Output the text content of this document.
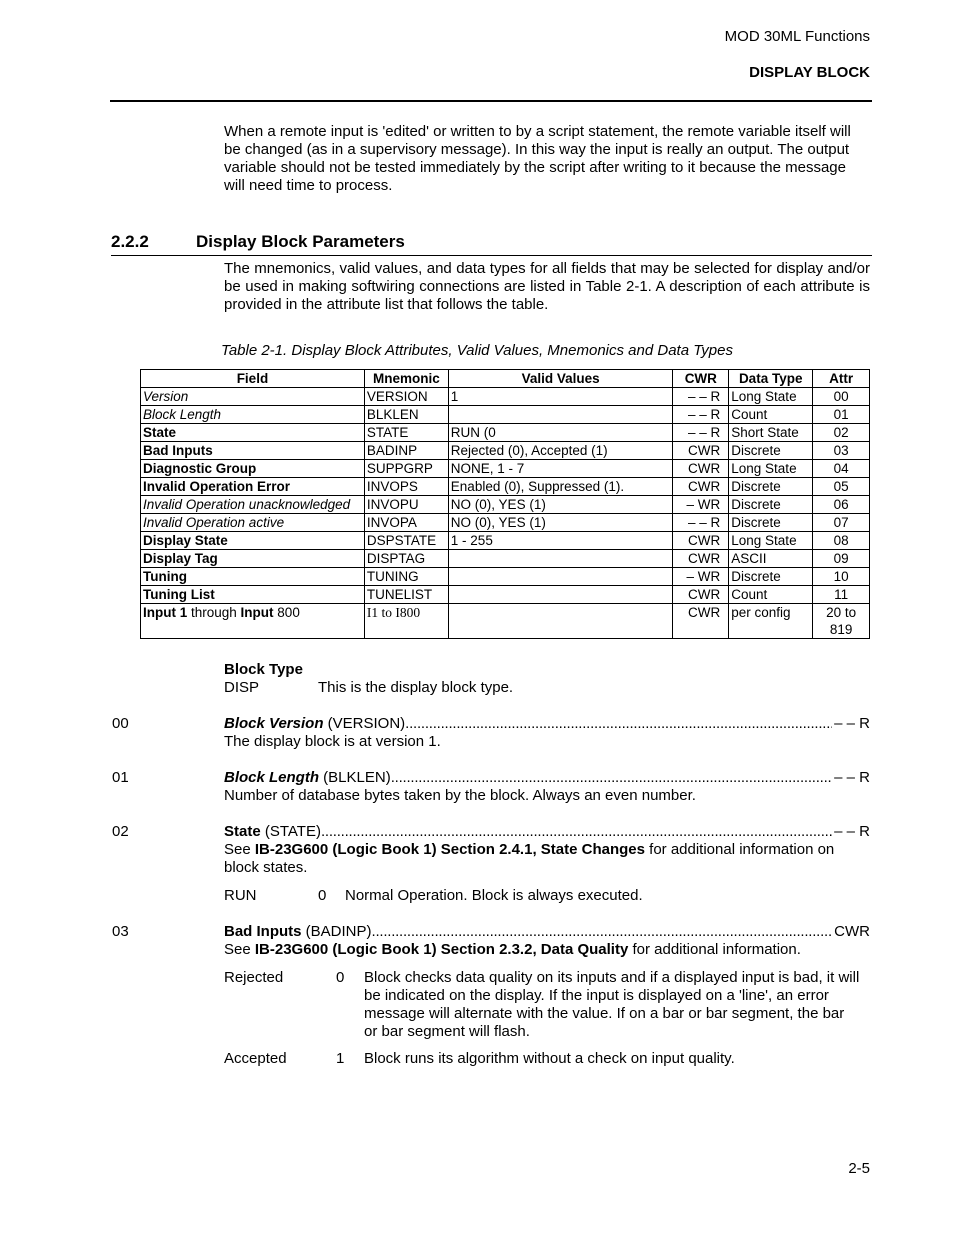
MOD 30ML Functions
DISPLAY BLOCK
When a remote input is 'edited' or written to by a script statement, the remote variable itself will be changed (as in a supervisory message). In this way the input is really an output. The output variable should not be tested immediately by the script after writing to it because the message will need time to process.
2.2.2	Display Block Parameters
The mnemonics, valid values, and data types for all fields that may be selected for display and/or be used in making softwiring connections are listed in Table 2-1. A description of each attribute is provided in the attribute list that follows the table.
Table 2-1. Display Block Attributes, Valid Values, Mnemonics and Data Types
Field	Mnemonic	Valid Values	CWR	Data Type	Attr
Version	VERSION	1	– – R	Long State	00
Block Length	BLKLEN		– – R	Count	01
State	STATE	RUN (0	– – R	Short State	02
Bad Inputs	BADINP	Rejected (0), Accepted (1)	CWR	Discrete	03
Diagnostic Group	SUPPGRP	NONE, 1 - 7	CWR	Long State	04
Invalid Operation Error	INVOPS	Enabled (0), Suppressed (1).	CWR	Discrete	05
Invalid Operation unacknowledged	INVOPU	NO (0), YES (1)	– WR	Discrete	06
Invalid Operation active	INVOPA	NO (0), YES (1)	– – R	Discrete	07
Display State	DSPSTATE	1 - 255	CWR	Long State	08
Display Tag	DISPTAG		CWR	ASCII	09
Tuning	TUNING		– WR	Discrete	10
Tuning List	TUNELIST		CWR	Count	11
Input 1 through Input 800	I1 to I800		CWR	per config	20 to
819
Block Type
DISP	This is the display block type.
00	Block Version (VERSION) . . .	– – R
The display block is at version 1.
01	Block Length (BLKLEN) . . .	– – R
Number of database bytes taken by the block. Always an even number.
02	State (STATE) . . .	– – R
See IB-23G600 (Logic Book 1) Section 2.4.1, State Changes for additional information on block states.
RUN	0 Normal Operation. Block is always executed.
03	Bad Inputs (BADINP) . . .	CWR
See IB-23G600 (Logic Book 1) Section 2.3.2, Data Quality for additional information.
Rejected	0 Block checks data quality on its inputs and if a displayed input is bad, it will be indicated on the display. If the input is displayed on a 'line', an error message will alternate with the value. If on a bar or bar segment, the bar or bar segment will flash.
Accepted	1 Block runs its algorithm without a check on input quality.
2-5
